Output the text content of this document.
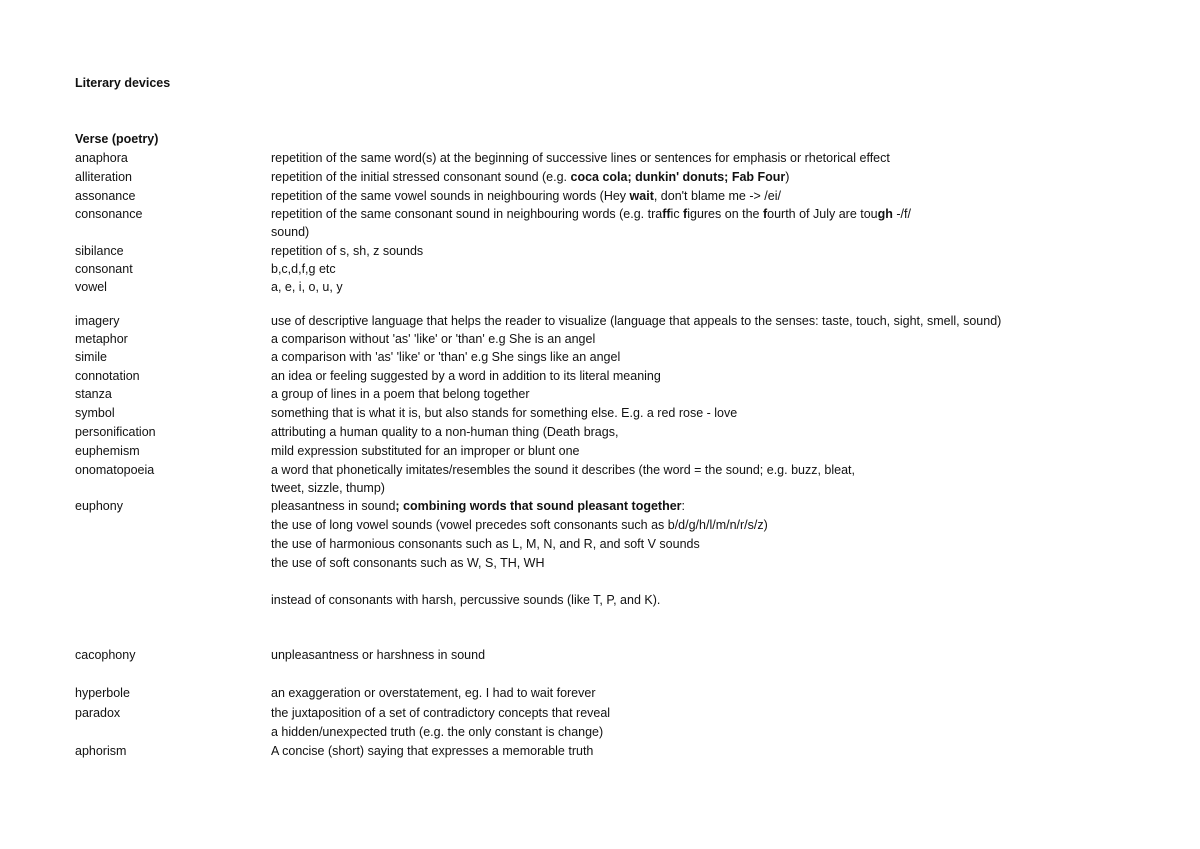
Literary devices
Verse (poetry)
anaphora	repetition of the same word(s) at the beginning of successive lines or sentences for emphasis or rhetorical effect
alliteration	repetition of the initial stressed consonant sound (e.g. coca cola; dunkin' donuts; Fab Four)
assonance	repetition of the same vowel sounds in neighbouring words (Hey wait, don't blame me -> /ei/
consonance	repetition of the same consonant sound in neighbouring words (e.g. traffic figures on the fourth of July are tough -/f/
sound)
sibilance	repetition of s, sh, z sounds
consonant	b,c,d,f,g etc
vowel	a, e, i, o, u, y
imagery	use of descriptive language that helps the reader to visualize (language that appeals to the senses: taste, touch, sight, smell, sound)
metaphor	a comparison without 'as' 'like' or 'than' e.g She is an angel
simile	a comparison with 'as' 'like' or 'than' e.g She sings like an angel
connotation	an idea or feeling suggested by a word in addition to its literal meaning
stanza	a group of lines in a poem that belong together
symbol	something that is what it is, but also stands for something else. E.g. a red rose - love
personification	attributing a human quality to a non-human thing (Death brags,
euphemism	mild expression substituted for an improper or blunt one
onomatopoeia	a word that phonetically imitates/resembles the sound it describes (the word = the sound; e.g. buzz, bleat,
tweet, sizzle, thump)
euphony	pleasantness in sound; combining words that sound pleasant together:
the use of long vowel sounds (vowel precedes soft consonants such as b/d/g/h/l/m/n/r/s/z)
the use of harmonious consonants such as L, M, N, and R, and soft V sounds
the use of soft consonants such as W, S, TH, WH
instead of consonants with harsh, percussive sounds (like T, P, and K).
cacophony	unpleasantness or harshness in sound
hyperbole	an exaggeration or overstatement, eg. I had to wait forever
paradox	the juxtaposition of a set of contradictory concepts that reveal
a hidden/unexpected truth (e.g. the only constant is change)
aphorism	A concise (short) saying that expresses a memorable truth
